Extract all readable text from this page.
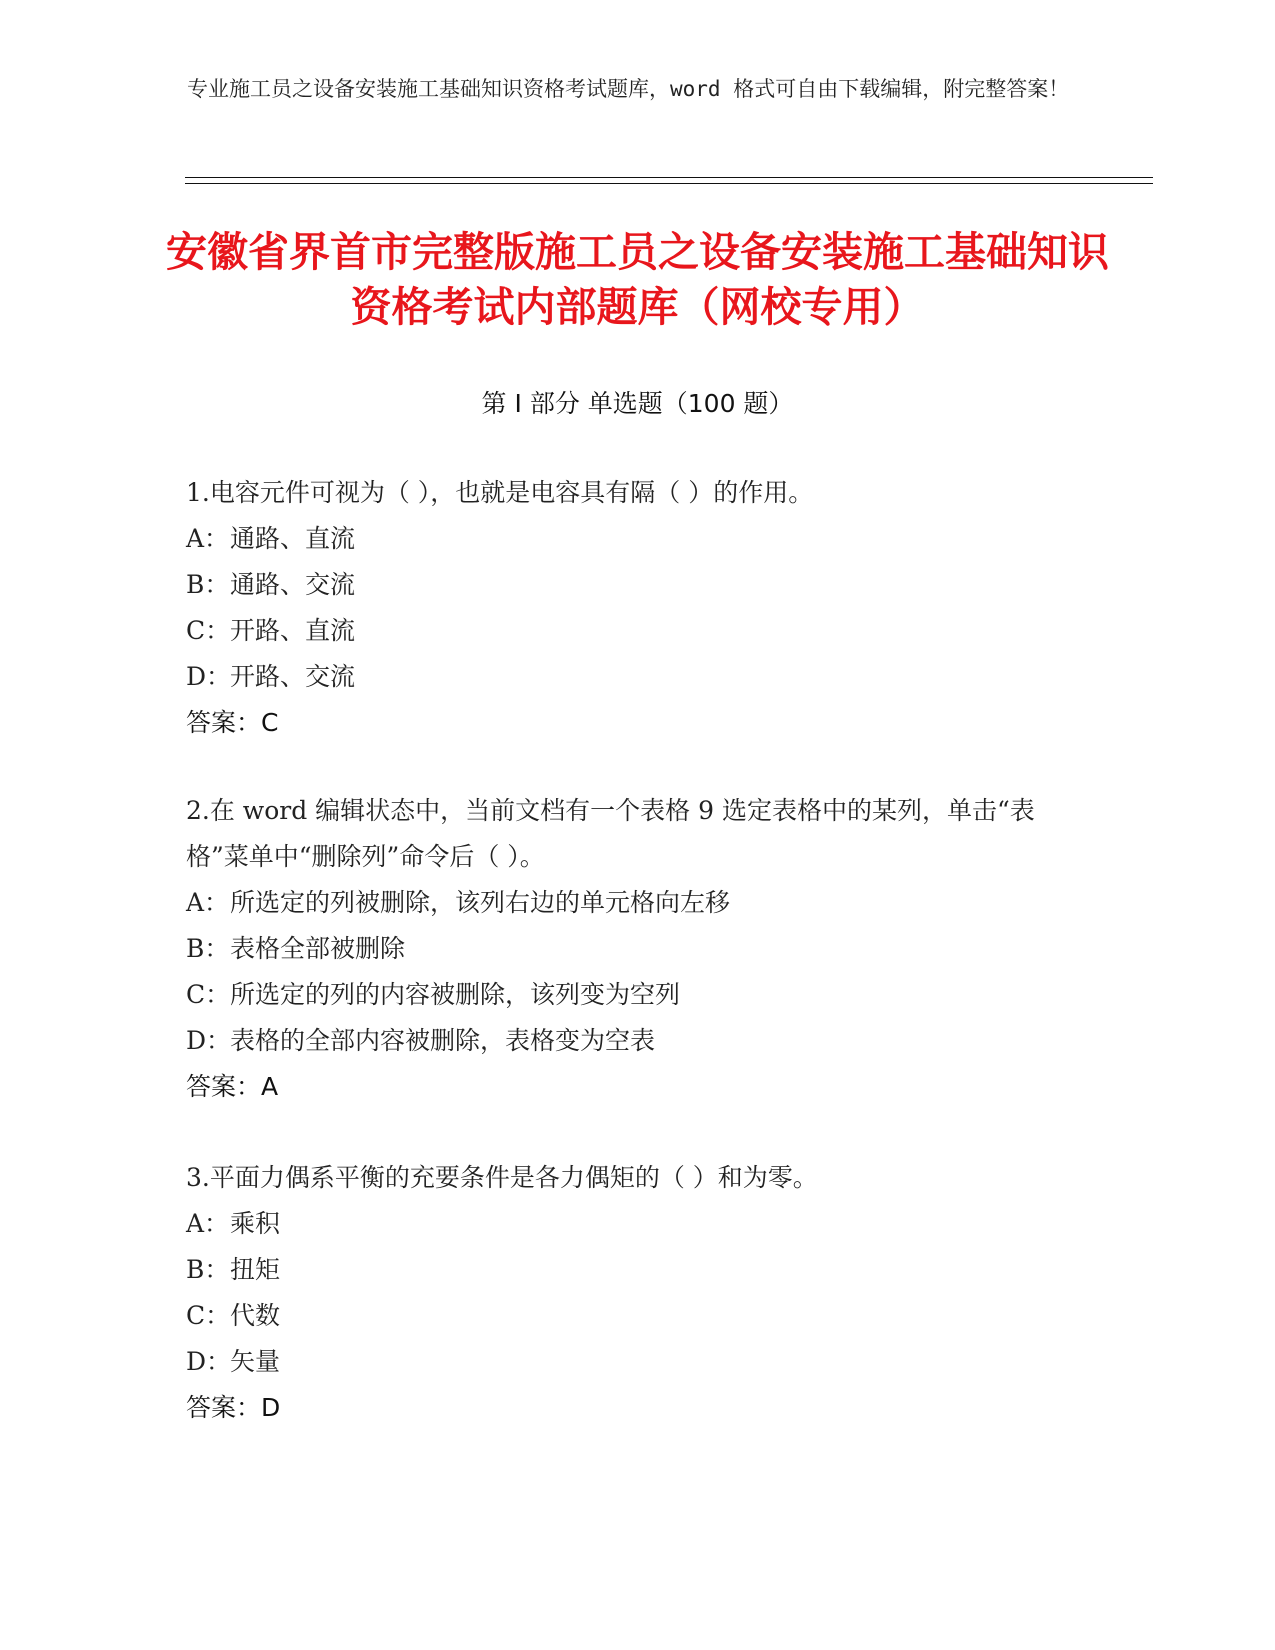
专业施工员之设备安装施工基础知识资格考试题库，word 格式可自由下载编辑，附完整答案！
安徽省界首市完整版施工员之设备安装施工基础知识资格考试内部题库（网校专用）
第 I 部分 单选题（100 题）
1.电容元件可视为（ ），也就是电容具有隔（ ）的作用。
A：通路、直流
B：通路、交流
C：开路、直流
D：开路、交流
答案：C
2.在 word 编辑状态中，当前文档有一个表格 9 选定表格中的某列，单击“表格”菜单中“删除列”命令后（ ）。
A：所选定的列被删除，该列右边的单元格向左移
B：表格全部被删除
C：所选定的列的内容被删除，该列变为空列
D：表格的全部内容被删除，表格变为空表
答案：A
3.平面力偶系平衡的充要条件是各力偶矩的（ ）和为零。
A：乘积
B：扭矩
C：代数
D：矢量
答案：D
